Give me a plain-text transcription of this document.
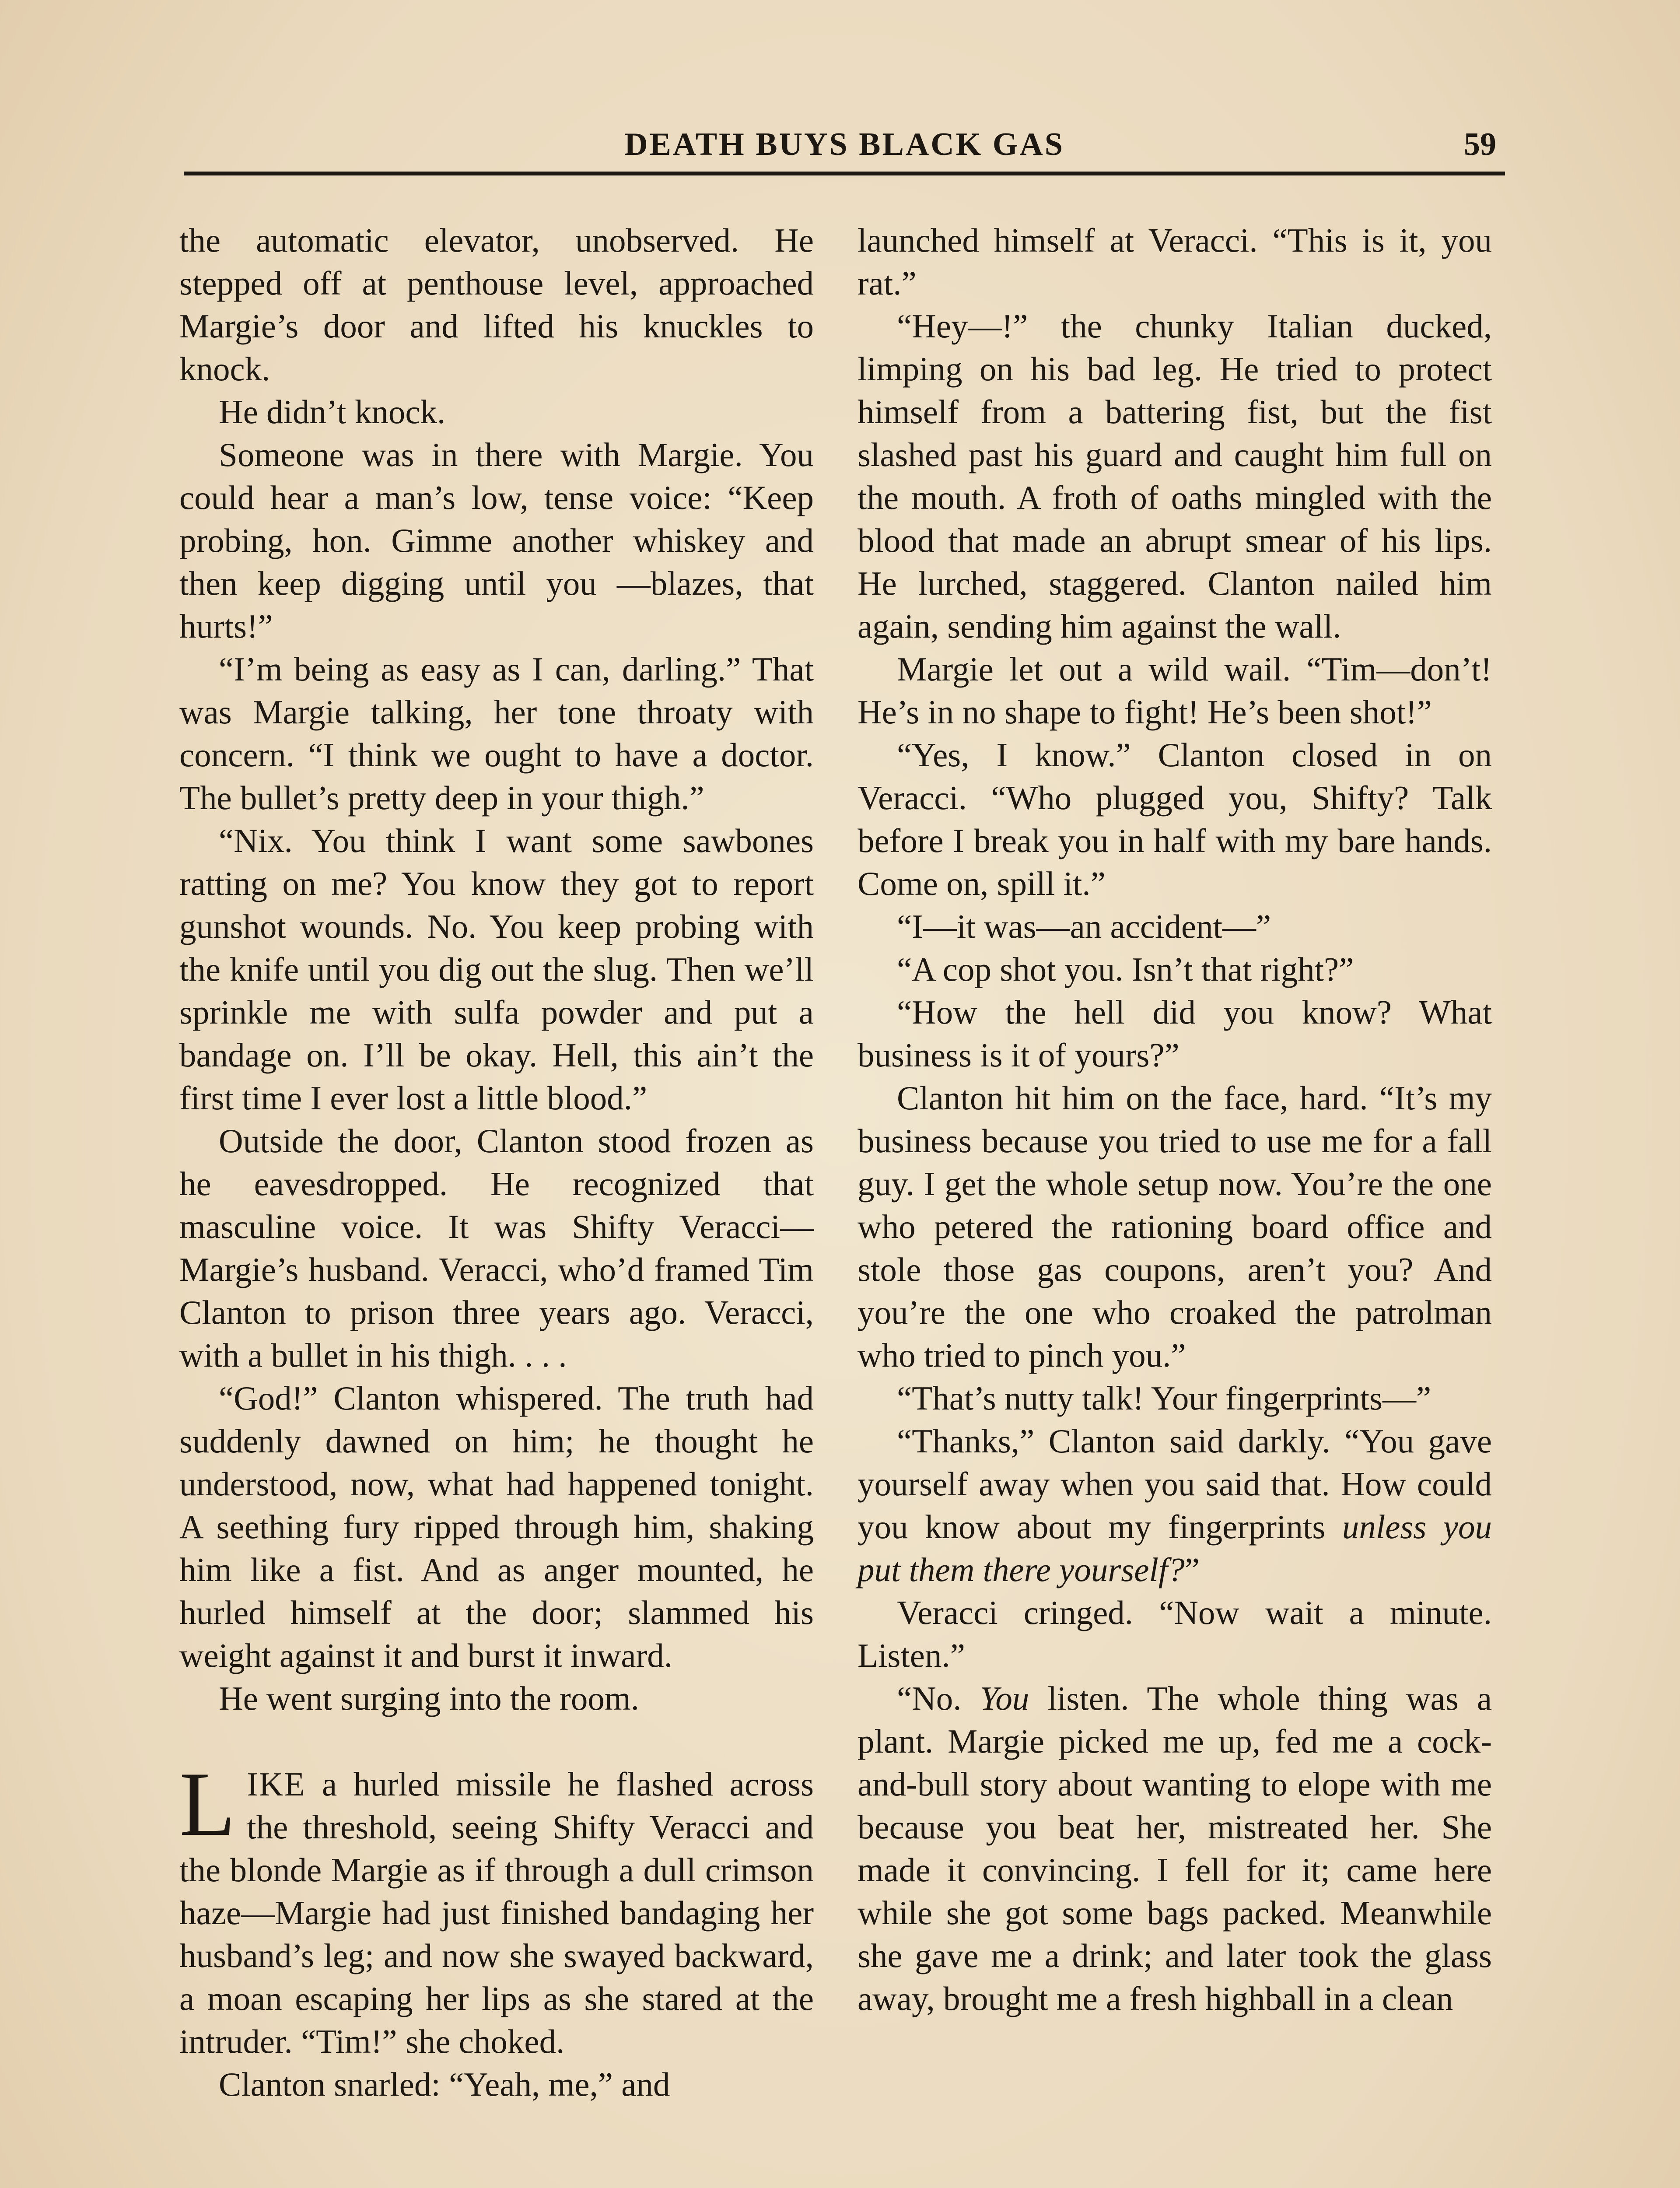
DEATH BUYS BLACK GAS	59

the automatic elevator, unobserved. He stepped off at penthouse level, approached Margie’s door and lifted his knuckles to knock.

He didn’t knock.

Someone was in there with Margie. You could hear a man’s low, tense voice: “Keep probing, hon. Gimme another whiskey and then keep digging until you —blazes, that hurts!”

“I’m being as easy as I can, darling.” That was Margie talking, her tone throaty with concern. “I think we ought to have a doctor. The bullet’s pretty deep in your thigh.”

“Nix. You think I want some sawbones ratting on me? You know they got to report gunshot wounds. No. You keep probing with the knife until you dig out the slug. Then we’ll sprinkle me with sulfa powder and put a bandage on. I’ll be okay. Hell, this ain’t the first time I ever lost a little blood.”

Outside the door, Clanton stood frozen as he eavesdropped. He recognized that masculine voice. It was Shifty Veracci—Margie’s husband. Veracci, who’d framed Tim Clanton to prison three years ago. Veracci, with a bullet in his thigh. . . .

“God!” Clanton whispered. The truth had suddenly dawned on him; he thought he understood, now, what had happened tonight. A seething fury ripped through him, shaking him like a fist. And as anger mounted, he hurled himself at the door; slammed his weight against it and burst it inward.

He went surging into the room.

LIKE a hurled missile he flashed across the threshold, seeing Shifty Veracci and the blonde Margie as if through a dull crimson haze—Margie had just finished bandaging her husband’s leg; and now she swayed backward, a moan escaping her lips as she stared at the intruder. “Tim!” she choked.

Clanton snarled: “Yeah, me,” and

launched himself at Veracci. “This is it, you rat.”

“Hey—!” the chunky Italian ducked, limping on his bad leg. He tried to protect himself from a battering fist, but the fist slashed past his guard and caught him full on the mouth. A froth of oaths mingled with the blood that made an abrupt smear of his lips. He lurched, staggered. Clanton nailed him again, sending him against the wall.

Margie let out a wild wail. “Tim—don’t! He’s in no shape to fight! He’s been shot!”

“Yes, I know.” Clanton closed in on Veracci. “Who plugged you, Shifty? Talk before I break you in half with my bare hands. Come on, spill it.”

“I—it was—an accident—”

“A cop shot you. Isn’t that right?”

“How the hell did you know? What business is it of yours?”

Clanton hit him on the face, hard. “It’s my business because you tried to use me for a fall guy. I get the whole setup now. You’re the one who petered the rationing board office and stole those gas coupons, aren’t you? And you’re the one who croaked the patrolman who tried to pinch you.”

“That’s nutty talk! Your fingerprints—”

“Thanks,” Clanton said darkly. “You gave yourself away when you said that. How could you know about my fingerprints unless you put them there yourself?”

Veracci cringed. “Now wait a minute. Listen.”

“No. You listen. The whole thing was a plant. Margie picked me up, fed me a cock-and-bull story about wanting to elope with me because you beat her, mistreated her. She made it convincing. I fell for it; came here while she got some bags packed. Meanwhile she gave me a drink; and later took the glass away, brought me a fresh highball in a clean
